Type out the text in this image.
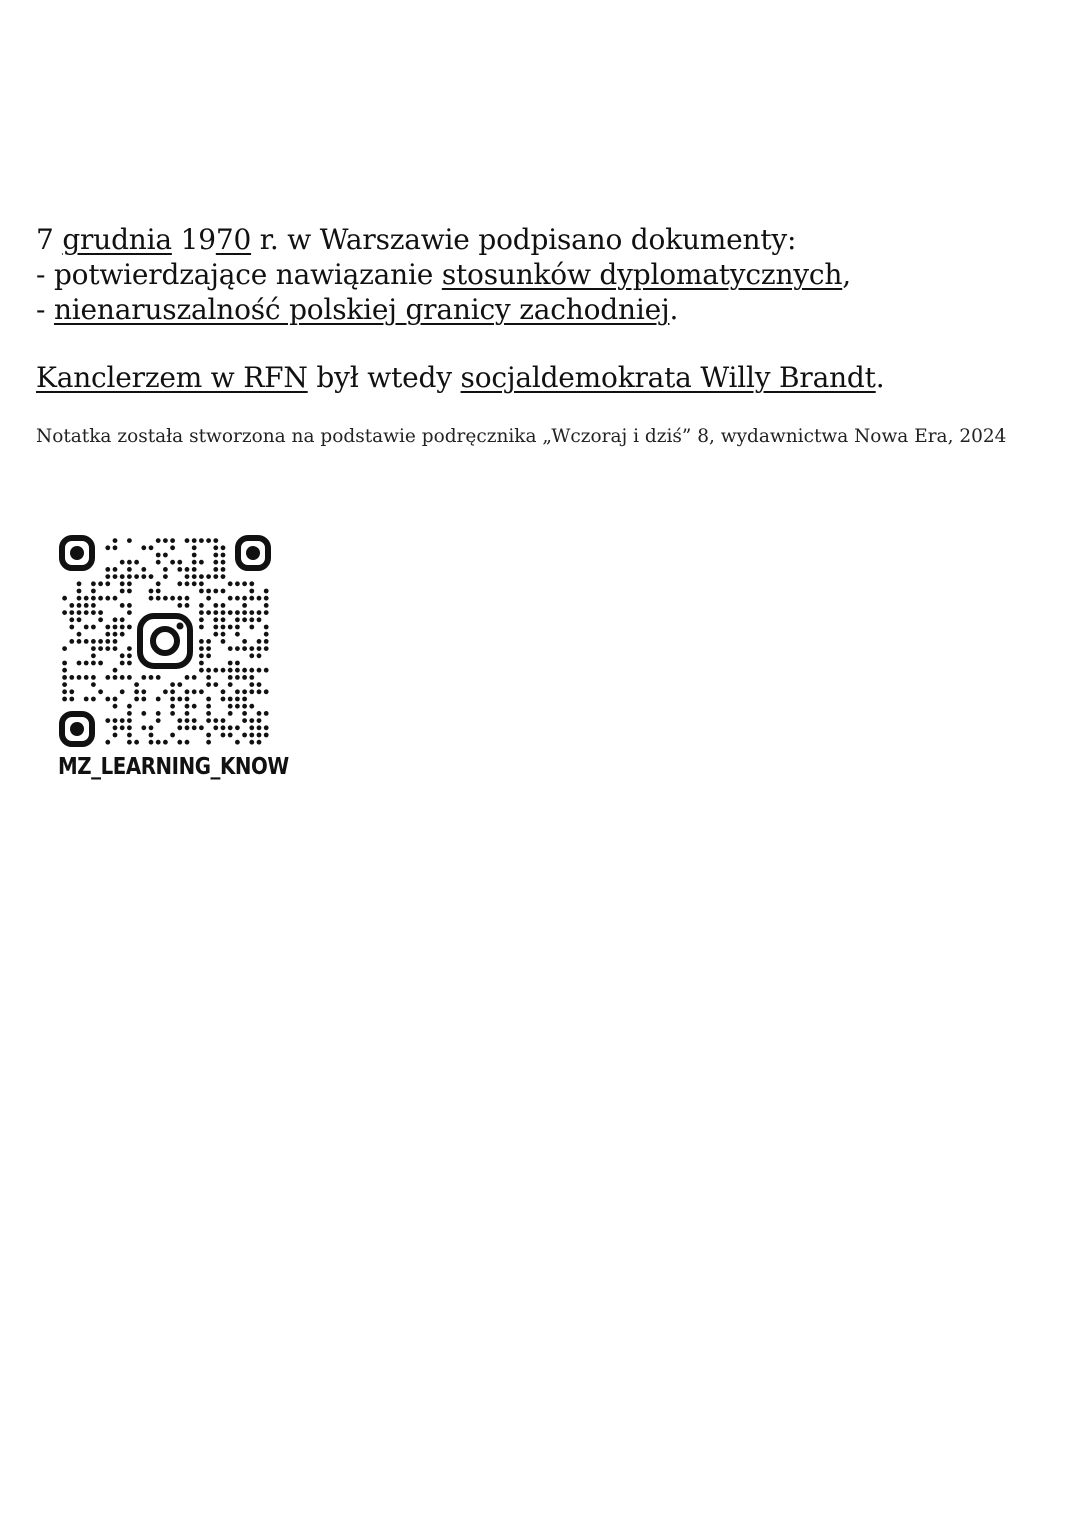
7 grudnia 1970 r. w Warszawie podpisano dokumenty:
- potwierdzające nawiązanie stosunków dyplomatycznych,
- nienaruszalność polskiej granicy zachodniej.
Kanclerzem w RFN był wtedy socjaldemokrata Willy Brandt.
Notatka została stworzona na podstawie podręcznika „Wczoraj i dziś” 8, wydawnictwa Nowa Era, 2024
MZ_LEARNING_KNOW
